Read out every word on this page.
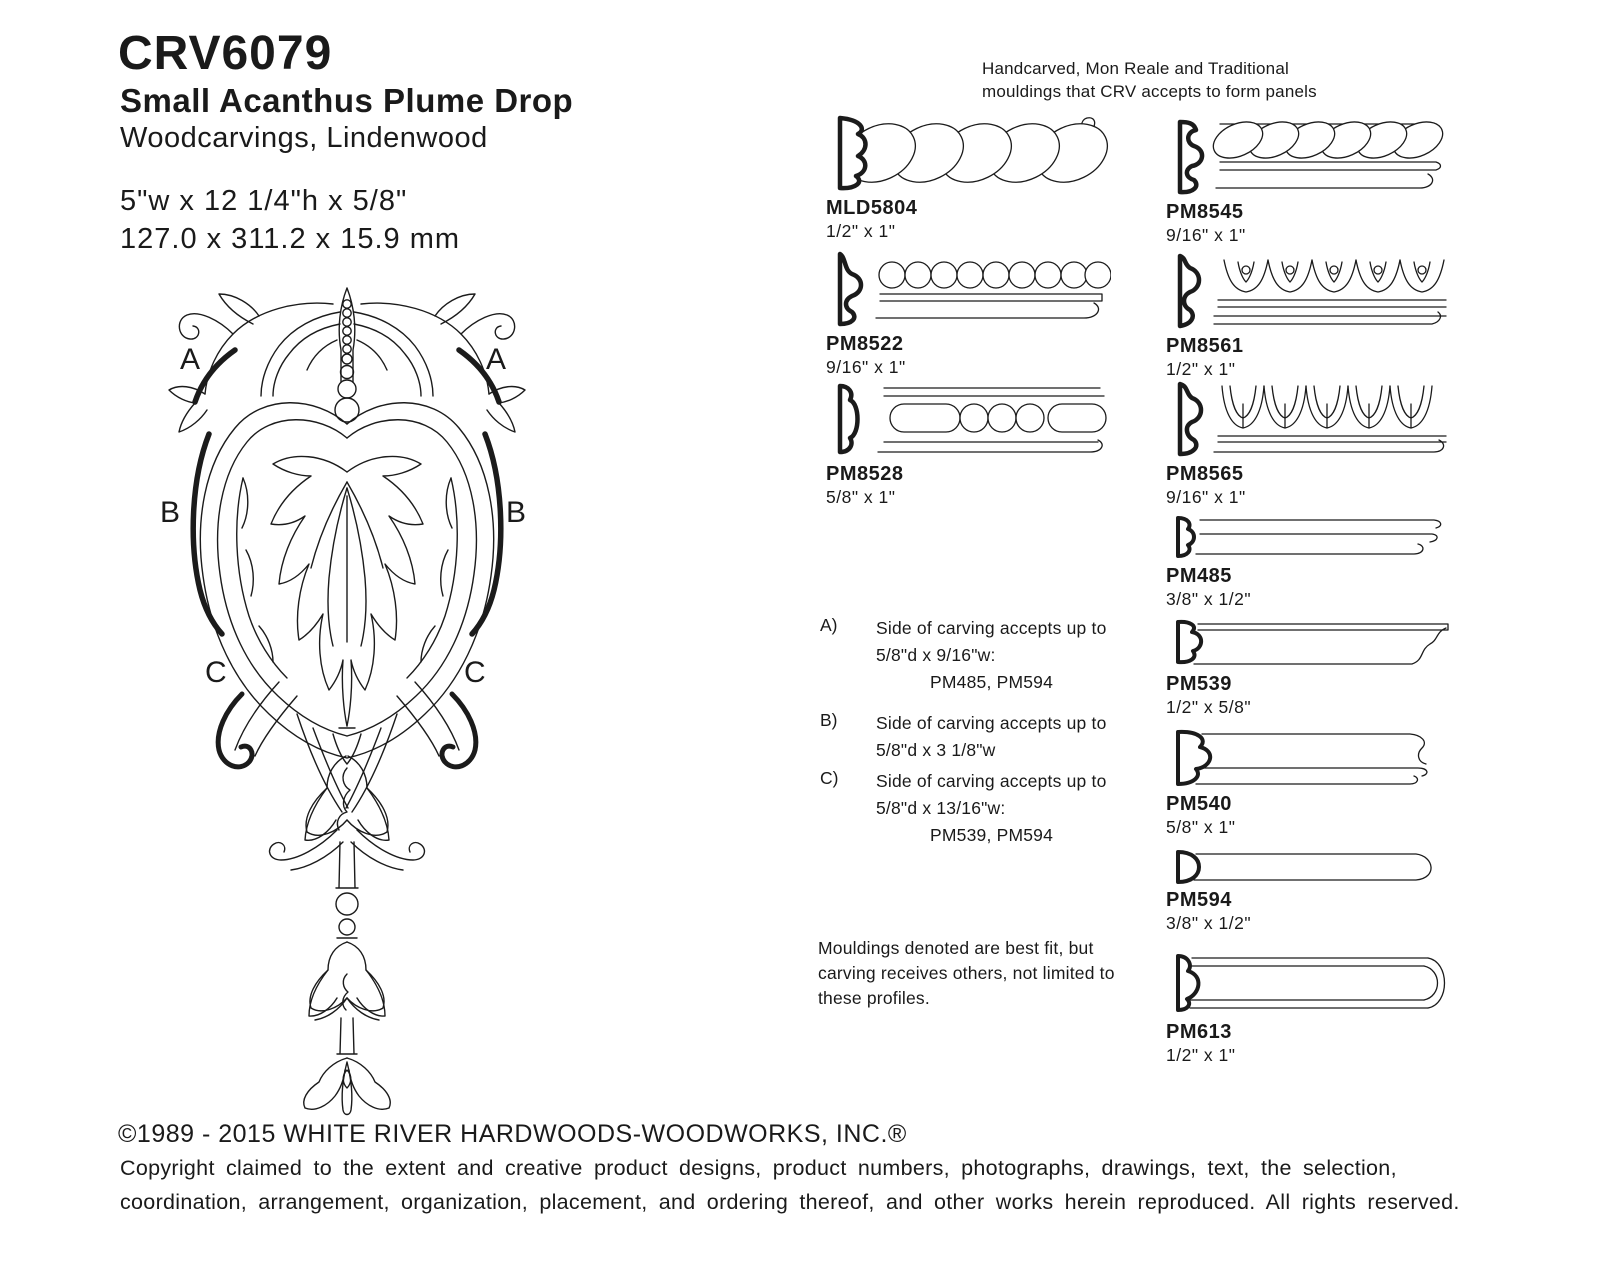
CRV6079
Small Acanthus Plume Drop
Woodcarvings, Lindenwood
5"w x 12 1/4"h x 5/8"
127.0 x 311.2 x 15.9 mm
A	A
B	B
C	C
Handcarved, Mon Reale and Traditional
mouldings that CRV accepts to form panels
MLD5804
1/2" x 1"
PM8522
9/16" x 1"
PM8528
5/8" x 1"
PM8545
9/16" x 1"
PM8561
1/2" x 1"
PM8565
9/16" x 1"
PM485
3/8" x 1/2"
PM539
1/2" x 5/8"
PM540
5/8" x 1"
PM594
3/8" x 1/2"
PM613
1/2" x 1"
A) Side of carving accepts up to
5/8"d x 9/16"w:
PM485, PM594
B) Side of carving accepts up to
5/8"d x 3 1/8"w
C) Side of carving accepts up to
5/8"d x 13/16"w:
PM539, PM594
Mouldings denoted are best fit, but carving receives others, not limited to these profiles.
©1989 - 2015 WHITE RIVER HARDWOODS-WOODWORKS, INC.®
Copyright claimed to the extent and creative product designs, product numbers, photographs, drawings, text, the selection,
coordination, arrangement, organization, placement, and ordering thereof, and other works herein reproduced. All rights reserved.
